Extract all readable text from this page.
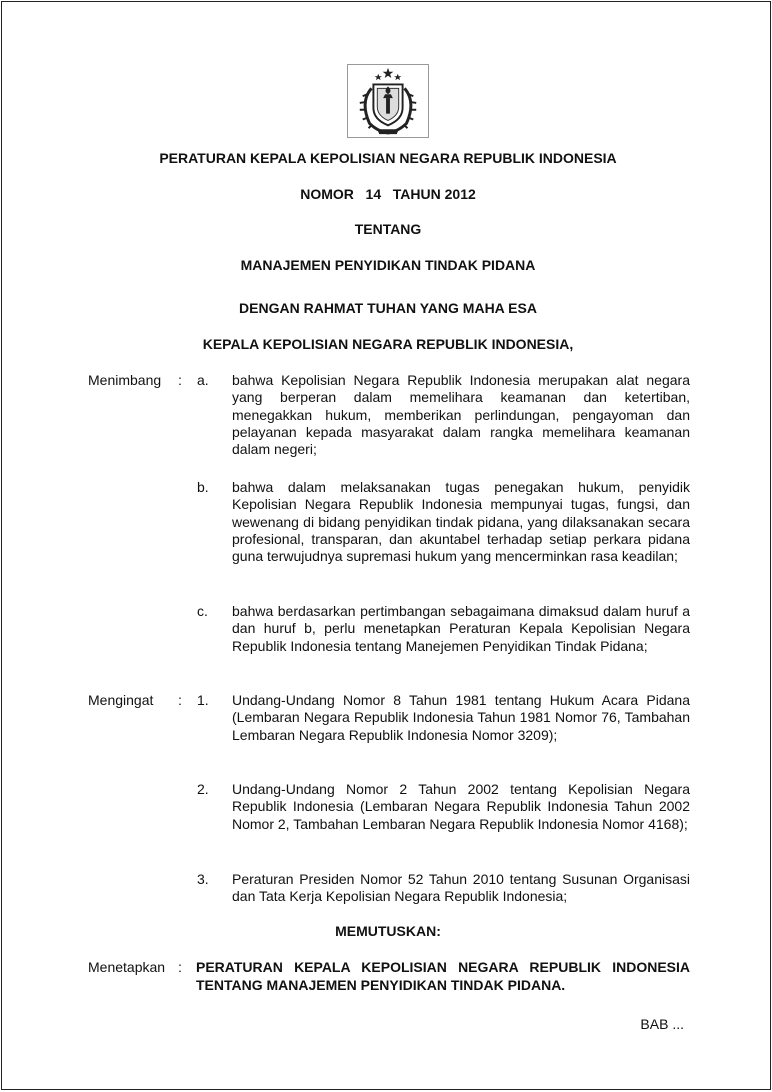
PERATURAN KEPALA KEPOLISIAN NEGARA REPUBLIK INDONESIA
NOMOR   14   TAHUN 2012
TENTANG
MANAJEMEN PENYIDIKAN TINDAK PIDANA
DENGAN RAHMAT TUHAN YANG MAHA ESA
KEPALA KEPOLISIAN NEGARA REPUBLIK INDONESIA,
Menimbang : a. bahwa Kepolisian Negara Republik Indonesia merupakan alat negara yang berperan dalam memelihara keamanan dan ketertiban, menegakkan hukum, memberikan perlindungan, pengayoman dan pelayanan kepada masyarakat dalam rangka memelihara keamanan dalam negeri;
b. bahwa dalam melaksanakan tugas penegakan hukum, penyidik Kepolisian Negara Republik Indonesia mempunyai tugas, fungsi, dan wewenang di bidang penyidikan tindak pidana, yang dilaksanakan secara profesional, transparan, dan akuntabel terhadap setiap perkara pidana guna terwujudnya supremasi hukum yang mencerminkan rasa keadilan;
c. bahwa berdasarkan pertimbangan sebagaimana dimaksud dalam huruf a dan huruf b, perlu menetapkan Peraturan Kepala Kepolisian Negara Republik Indonesia tentang Manejemen Penyidikan Tindak Pidana;
Mengingat : 1. Undang-Undang Nomor 8 Tahun 1981 tentang Hukum Acara Pidana (Lembaran Negara Republik Indonesia Tahun 1981 Nomor 76, Tambahan Lembaran Negara Republik Indonesia Nomor 3209);
2. Undang-Undang Nomor 2 Tahun 2002 tentang Kepolisian Negara Republik Indonesia (Lembaran Negara Republik Indonesia Tahun 2002 Nomor 2, Tambahan Lembaran Negara Republik Indonesia Nomor 4168);
3. Peraturan Presiden Nomor 52 Tahun 2010 tentang Susunan Organisasi dan Tata Kerja Kepolisian Negara Republik Indonesia;
MEMUTUSKAN:
Menetapkan : PERATURAN KEPALA KEPOLISIAN NEGARA REPUBLIK INDONESIA TENTANG MANAJEMEN PENYIDIKAN TINDAK PIDANA.
BAB ...
